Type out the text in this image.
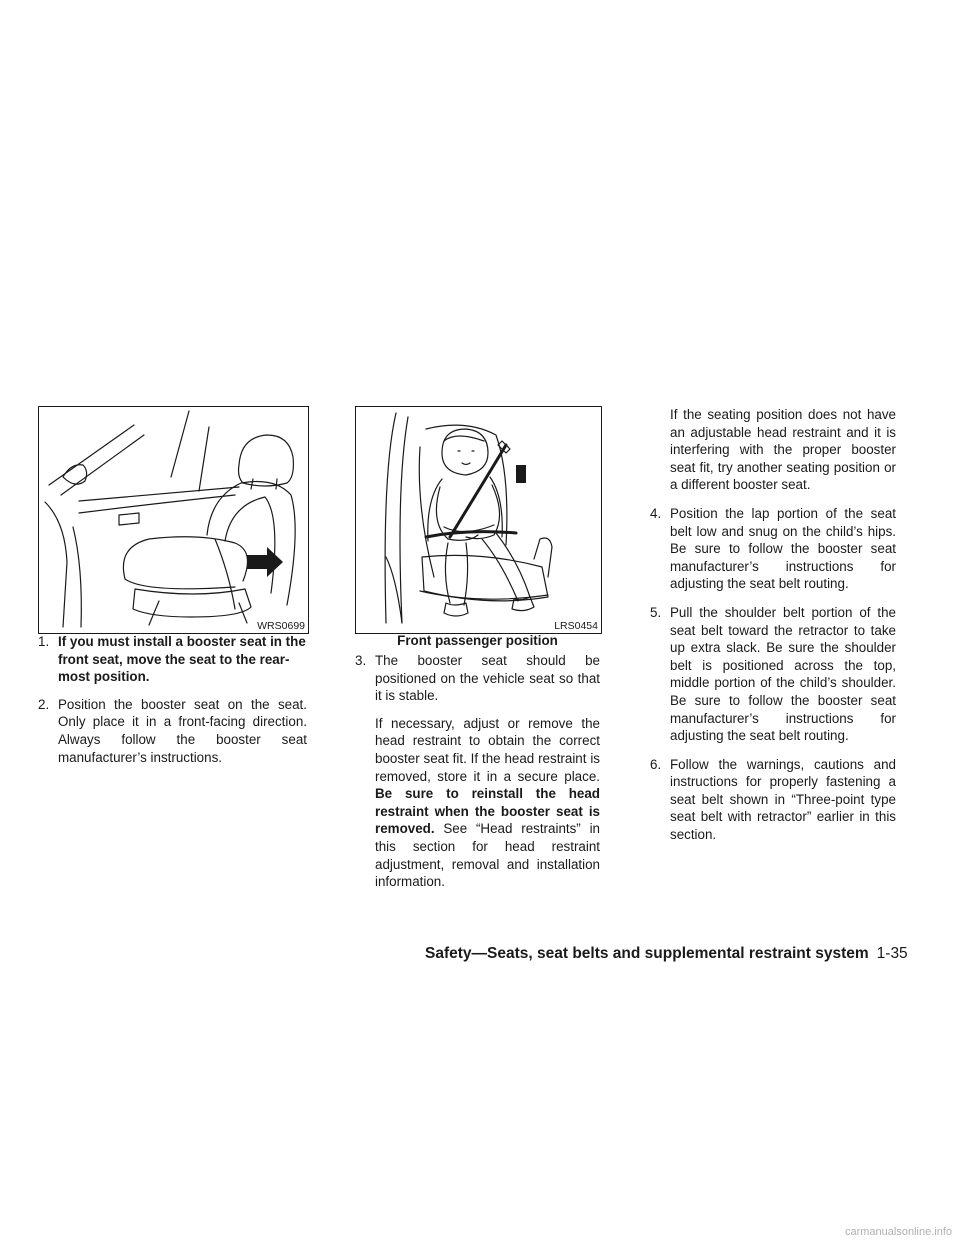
WRS0699	LRS0454
Front passenger position
1. If you must install a booster seat in the front seat, move the seat to the rear-most position.
2. Position the booster seat on the seat. Only place it in a front-facing direction. Always follow the booster seat manufacturer’s instructions.
3. The booster seat should be positioned on the vehicle seat so that it is stable.
If necessary, adjust or remove the head restraint to obtain the correct booster seat fit. If the head restraint is removed, store it in a secure place. Be sure to reinstall the head restraint when the booster seat is removed. See “Head restraints” in this section for head restraint adjustment, removal and installation information.
If the seating position does not have an adjustable head restraint and it is interfering with the proper booster seat fit, try another seating position or a different booster seat.
4. Position the lap portion of the seat belt low and snug on the child’s hips. Be sure to follow the booster seat manufacturer’s instructions for adjusting the seat belt routing.
5. Pull the shoulder belt portion of the seat belt toward the retractor to take up extra slack. Be sure the shoulder belt is positioned across the top, middle portion of the child’s shoulder. Be sure to follow the booster seat manufacturer’s instructions for adjusting the seat belt routing.
6. Follow the warnings, cautions and instructions for properly fastening a seat belt shown in “Three-point type seat belt with retractor” earlier in this section.
Safety—Seats, seat belts and supplemental restraint system 1-35
carmanualsonline.info
